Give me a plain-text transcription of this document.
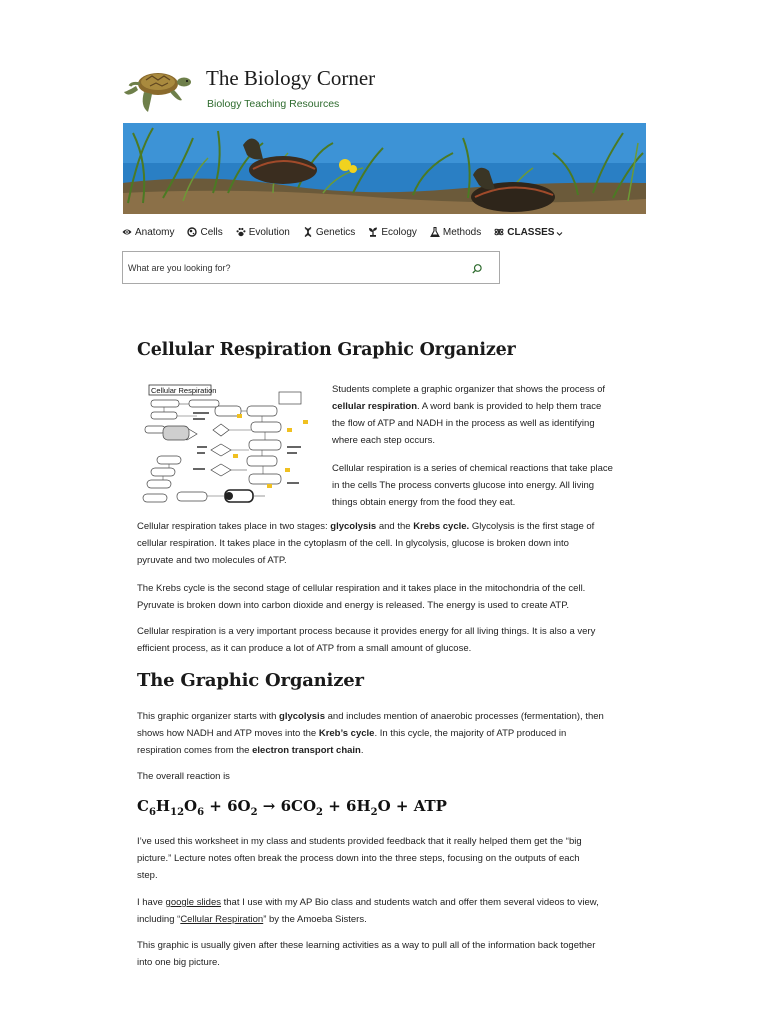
The Biology Corner
Biology Teaching Resources
Anatomy	Cells	Evolution	Genetics	Ecology	Methods	CLASSES
What are you looking for?
Cellular Respiration Graphic Organizer
Cellular Respiration	Students complete a graphic organizer that shows the process of
cellular respiration. A word bank is provided to help them trace
the flow of ATP and NADH in the process as well as identifying
where each step occurs.

Cellular respiration is a series of chemical reactions that take place
in the cells The process converts glucose into energy. All living
things obtain energy from the food they eat.

Cellular respiration takes place in two stages: glycolysis and the Krebs cycle. Glycolysis is the first stage of
cellular respiration. It takes place in the cytoplasm of the cell. In glycolysis, glucose is broken down into
pyruvate and two molecules of ATP.

The Krebs cycle is the second stage of cellular respiration and it takes place in the mitochondria of the cell.
Pyruvate is broken down into carbon dioxide and energy is released. The energy is used to create ATP.

Cellular respiration is a very important process because it provides energy for all living things. It is also a very
efficient process, as it can produce a lot of ATP from a small amount of glucose.

The Graphic Organizer

This graphic organizer starts with glycolysis and includes mention of anaerobic processes (fermentation), then
shows how NADH and ATP moves into the Kreb’s cycle. In this cycle, the majority of ATP produced in
respiration comes from the electron transport chain.

The overall reaction is

$C_6H_{12}O_6 + 6O_2 \to 6CO_2 + 6H_2O$ + ATP

I’ve used this worksheet in my class and students provided feedback that it really helped them get the “big
picture.” Lecture notes often break the process down into the three steps, focusing on the outputs of each
step.

I have google slides that I use with my AP Bio class and students watch and offer them several videos to view,
including “Cellular Respiration” by the Amoeba Sisters.

This graphic is usually given after these learning activities as a way to pull all of the information back together
into one big picture.
